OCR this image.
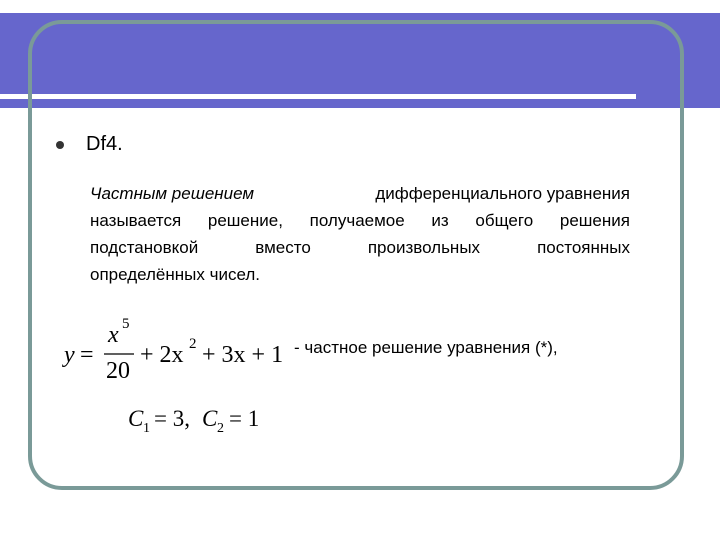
Df4.
Частным решением	дифференциального уравнения
называется решение, получаемое из общего решения
подстановкой	вместо	произвольных	постоянных
определённых чисел.
y =
x 5
20
+ 2x 2 + 3x + 1 - частное решение уравнения (*),
C 1 = 3, C 2 = 1
